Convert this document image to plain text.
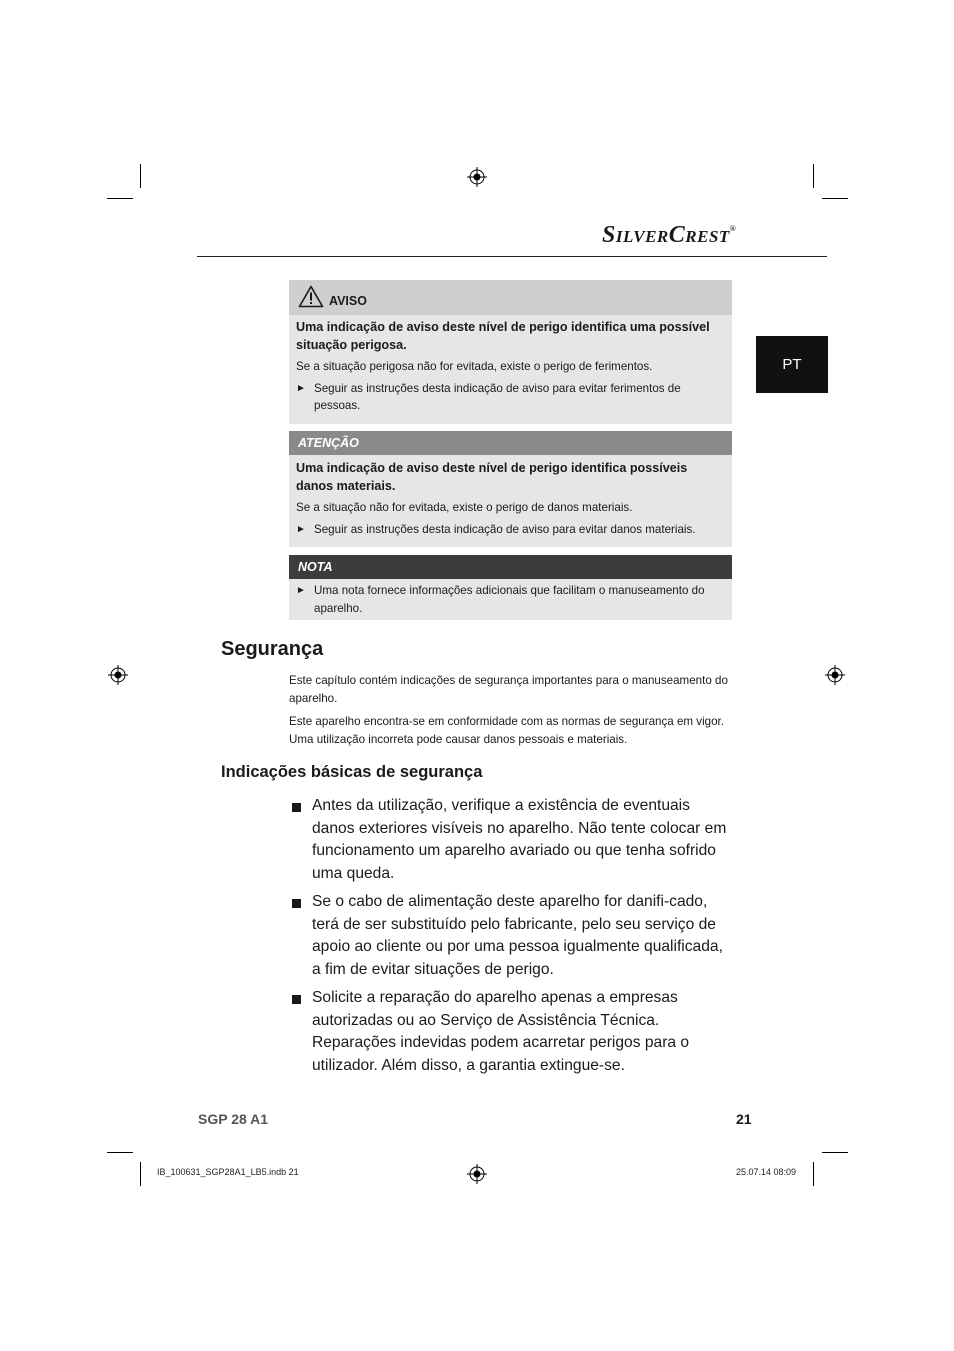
SILVERCREST®
PT
AVISO

Uma indicação de aviso deste nível de perigo identifica uma possível situação perigosa.

Se a situação perigosa não for evitada, existe o perigo de ferimentos.

► Seguir as instruções desta indicação de aviso para evitar ferimentos de pessoas.
ATENÇÃO

Uma indicação de aviso deste nível de perigo identifica possíveis danos materiais.

Se a situação não for evitada, existe o perigo de danos materiais.

► Seguir as instruções desta indicação de aviso para evitar danos materiais.
NOTA
► Uma nota fornece informações adicionais que facilitam o manuseamento do aparelho.
Segurança

Este capítulo contém indicações de segurança importantes para o manuseamento do aparelho.

Este aparelho encontra-se em conformidade com as normas de segurança em vigor. Uma utilização incorreta pode causar danos pessoais e materiais.

Indicações básicas de segurança
Antes da utilização, verifique a existência de eventuais danos exteriores visíveis no aparelho. Não tente colocar em funcionamento um aparelho avariado ou que tenha sofrido uma queda.
Se o cabo de alimentação deste aparelho for danifi-cado, terá de ser substituído pelo fabricante, pelo seu serviço de apoio ao cliente ou por uma pessoa igualmente qualificada, a fim de evitar situações de perigo.
Solicite a reparação do aparelho apenas a empresas autorizadas ou ao Serviço de Assistência Técnica. Reparações indevidas podem acarretar perigos para o utilizador. Além disso, a garantia extingue-se.
SGP 28 A1	21
IB_100631_SGP28A1_LB5.indb 21	25.07.14 08:09
